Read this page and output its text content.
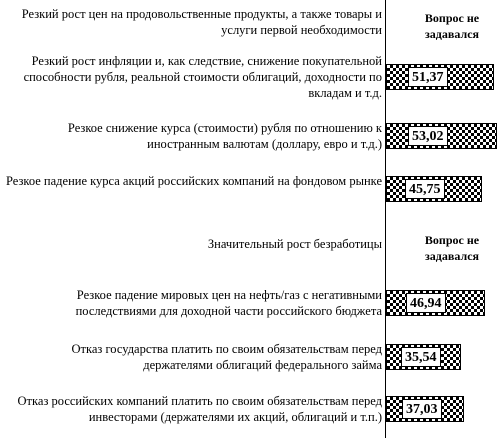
Резкий рост цен на продовольственные продукты, а также товары и услуги первой необходимости
Вопрос не задавался
Резкий рост инфляции и, как следствие, снижение покупательной способности рубля, реальной стоимости облигаций, доходности по вкладам и т.д.
51,37
Резкое снижение курса (стоимости) рубля по отношению к иностранным валютам (доллару, евро и т.д.) 53,02
Резкое падение курса акций российских компаний на фондовом рынке
45,75
Значительный рост безработицы	Вопрос не задавался
Резкое падение мировых цен на нефть/газ с негативными последствиями для доходной части российского бюджета 46,94
Отказ государства платить по своим обязательствам перед держателями облигаций федерального займа 35,54
Отказ российских компаний платить по своим обязательствам перед инвесторами (держателями их акций, облигаций и т.п.) 37,03
